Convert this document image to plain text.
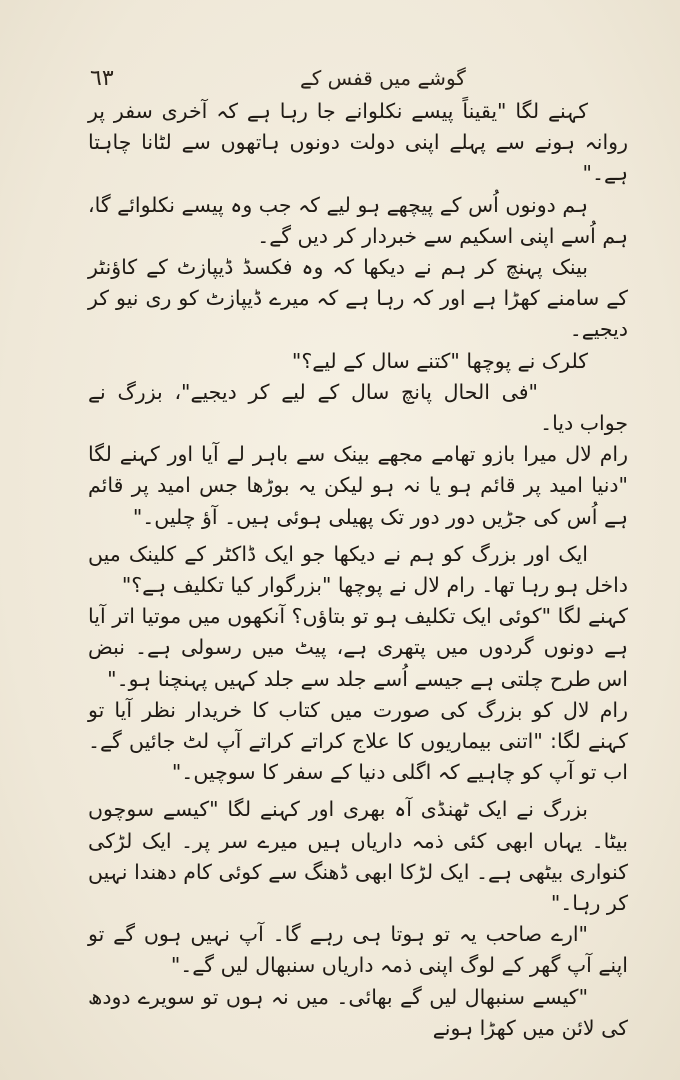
٦٣	گوشے میں قفس کے

کہنے لگا "یقیناً پیسے نکلوانے جا رہا ہے کہ آخری سفر پر روانہ ہونے سے پہلے اپنی دولت دونوں ہاتھوں سے لٹانا چاہتا ہے۔"

ہم دونوں اُس کے پیچھے ہو لیے کہ جب وہ پیسے نکلوائے گا، ہم اُسے اپنی اسکیم سے خبردار کر دیں گے۔

بینک پہنچ کر ہم نے دیکھا کہ وہ فکسڈ ڈیپازٹ کے کاؤنٹر کے سامنے کھڑا ہے اور کہ رہا ہے کہ میرے ڈیپازٹ کو ری نیو کر دیجیے۔

کلرک نے پوچھا "کتنے سال کے لیے؟"

"فی الحال پانچ سال کے لیے کر دیجیے"، بزرگ نے جواب دیا۔

رام لال میرا بازو تھامے مجھے بینک سے باہر لے آیا اور کہنے لگا "دنیا امید پر قائم ہو یا نہ ہو لیکن یہ بوڑھا جس امید پر قائم ہے اُس کی جڑیں دور دور تک پھیلی ہوئی ہیں۔ آؤ چلیں۔"

ایک اور بزرگ کو ہم نے دیکھا جو ایک ڈاکٹر کے کلینک میں داخل ہو رہا تھا۔ رام لال نے پوچھا "بزرگوار کیا تکلیف ہے؟"

کہنے لگا "کوئی ایک تکلیف ہو تو بتاؤں؟ آنکھوں میں موتیا اتر آیا ہے دونوں گردوں میں پتھری ہے، پیٹ میں رسولی ہے۔ نبض اس طرح چلتی ہے جیسے اُسے جلد سے جلد کہیں پہنچنا ہو۔"

رام لال کو بزرگ کی صورت میں کتاب کا خریدار نظر آیا تو کہنے لگا: "اتنی بیماریوں کا علاج کراتے کراتے آپ لٹ جائیں گے۔ اب تو آپ کو چاہیے کہ اگلی دنیا کے سفر کا سوچیں۔"

بزرگ نے ایک ٹھنڈی آہ بھری اور کہنے لگا "کیسے سوچوں بیٹا۔ یہاں ابھی کئی ذمہ داریاں ہیں میرے سر پر۔ ایک لڑکی کنواری بیٹھی ہے۔ ایک لڑکا ابھی ڈھنگ سے کوئی کام دھندا نہیں کر رہا۔"

"ارے صاحب یہ تو ہوتا ہی رہے گا۔ آپ نہیں ہوں گے تو اپنے آپ گھر کے لوگ اپنی ذمہ داریاں سنبھال لیں گے۔"

"کیسے سنبھال لیں گے بھائی۔ میں نہ ہوں تو سویرے دودھ کی لائن میں کھڑا ہونے
